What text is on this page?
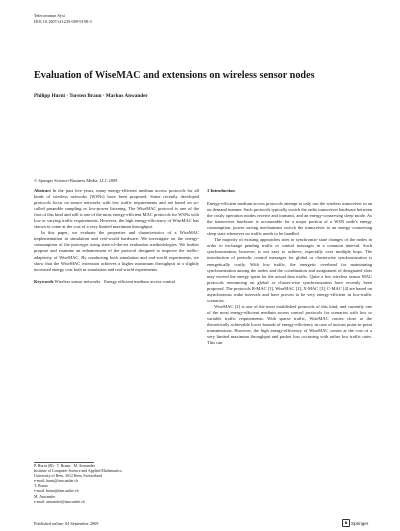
Telecommun Syst
DOI 10.1007/s11235-009-9198-3
Evaluation of WiseMAC and extensions on wireless sensor nodes
Philipp Hurni · Torsten Braun · Markus Anwander
© Springer Science+Business Media, LLC 2009

Abstract In the past five years, many energy-efficient medium access protocols for all kinds of wireless networks (WSNs) have been proposed. Some recently developed protocols focus on sensor networks with low traffic requirements and are based on so-called preamble sampling or low-power listening. The WiseMAC protocol is one of the first of this kind and still is one of the most energy-efficient MAC protocols for WSNs with low or varying traffic requirements. However, the high energy-efficiency of WiseMAC has shown to come at the cost of a very limited maximum throughput.

In this paper, we evaluate the properties and characteristics of a WiseMAC implementation in simulation and real-world hardware. We investigate on the energy-consumption of the prototype using state-of-the-art evaluation methodologies. We further propose and examine an enhancement of the protocol designed to improve the traffic-adaptivity of WiseMAC. By conducting both simulation and real-world experiments, we show that the WiseMAC extension achieves a higher maximum throughput at a slightly increased energy cost both in simulation and real-world experiments.

Keywords Wireless sensor networks · Energy efficient medium access control

P. Hurni (✉) · T. Braun · M. Anwander
Institute of Computer Science and Applied Mathematics,
University of Bern, 3012 Bern, Switzerland
e-mail: hurni@iam.unibe.ch
T. Braun
e-mail: braun@iam.unibe.ch
M. Anwander
e-mail: anwander@iam.unibe.ch
Published online: 04 September 2009

1 Introduction

Energy-efficient medium access protocols attempt to only use the wireless transceiver in an on demand manner. Such protocols typically switch the radio transceiver hardware between the costly operation modes receive and transmit, and an energy-conserving sleep mode. As the transceiver hardware is accountable for a major portion of a WSN node's energy consumption, power saving mechanisms switch the transceiver to an energy conserving sleep state whenever no traffic needs to be handled.

The majority of existing approaches tries to synchronize state changes of the nodes in order to exchange pending traffic or control messages in a common interval. Such synchronization, however, is not easy to achieve, especially over multiple hops. The introduction of periodic control messages for global or clusterwise synchronization is energetically costly. With low traffic, the energetic overhead for maintaining synchronization among the nodes and the coordination and assignment of designated slots may exceed the energy spent for the actual data traffic. Quite a few wireless sensor MAC protocols renouncing on global or cluster-wise synchronization have recently been proposed. The protocols B-MAC [1], WiseMAC [2], X-MAC [3], C-MAC [4] are based on asynchronous wake intervals and have proven to be very energy-efficient in low-traffic scenarios.

WiseMAC [2] is one of the most established protocols of this kind, and currently one of the most energy-efficient medium access control protocols for scenarios with low or variable traffic requirements. With sparse traffic, WiseMAC comes close to the theoretically achievable lower bounds of energy-efficiency in case of unicast point-to-point transmissions. However, the high energy-efficiency of WiseMAC comes at the cost of a very limited maximum throughput and packet loss occurring with rather low traffic rates. This can

♞ Springer
